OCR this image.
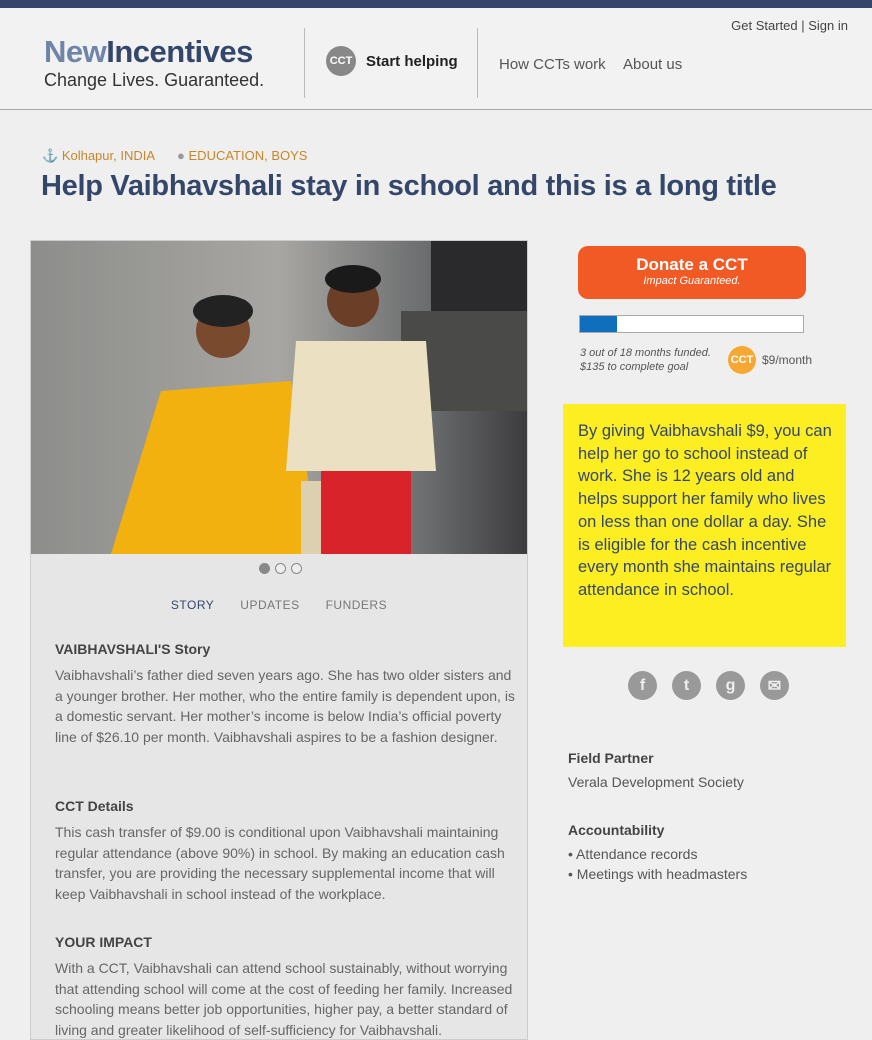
NewIncentives
Change Lives. Guaranteed.
CCT Start helping	How CCTs work About us
Get Started | Sign in
⚓ Kolhapur, INDIA ● EDUCATION, BOYS
Help Vaibhavshali stay in school and this is a long title
STORY UPDATES FUNDERS
VAIBHAVSHALI'S Story

Vaibhavshali’s father died seven years ago. She has two older sisters and a younger brother. Her mother, who the entire family is dependent upon, is a domestic servant. Her mother’s income is below India’s official poverty line of $26.10 per month. Vaibhavshali aspires to be a fashion designer.

CCT Details

This cash transfer of $9.00 is conditional upon Vaibhavshali maintaining regular attendance (above 90%) in school. By making an education cash transfer, you are providing the necessary supplemental income that will keep Vaibhavshali in school instead of the workplace.

YOUR IMPACT

With a CCT, Vaibhavshali can attend school sustainably, without worrying that attending school will come at the cost of feeding her family. Increased schooling means better job opportunities, higher pay, a better standard of living and greater likelihood of self-sufficiency for Vaibhavshali.

Donate a CCT
Impact Guaranteed.
3 out of 18 months funded.
$135 to complete goal
CCT $9/month
By giving Vaibhavshali $9, you can help her go to school instead of work. She is 12 years old and helps support her family who lives on less than one dollar a day. She is eligible for the cash incentive every month she maintains regular attendance in school.
f	t	g	✉
Field Partner
Verala Development Society
Accountability
• Attendance records
• Meetings with headmasters
